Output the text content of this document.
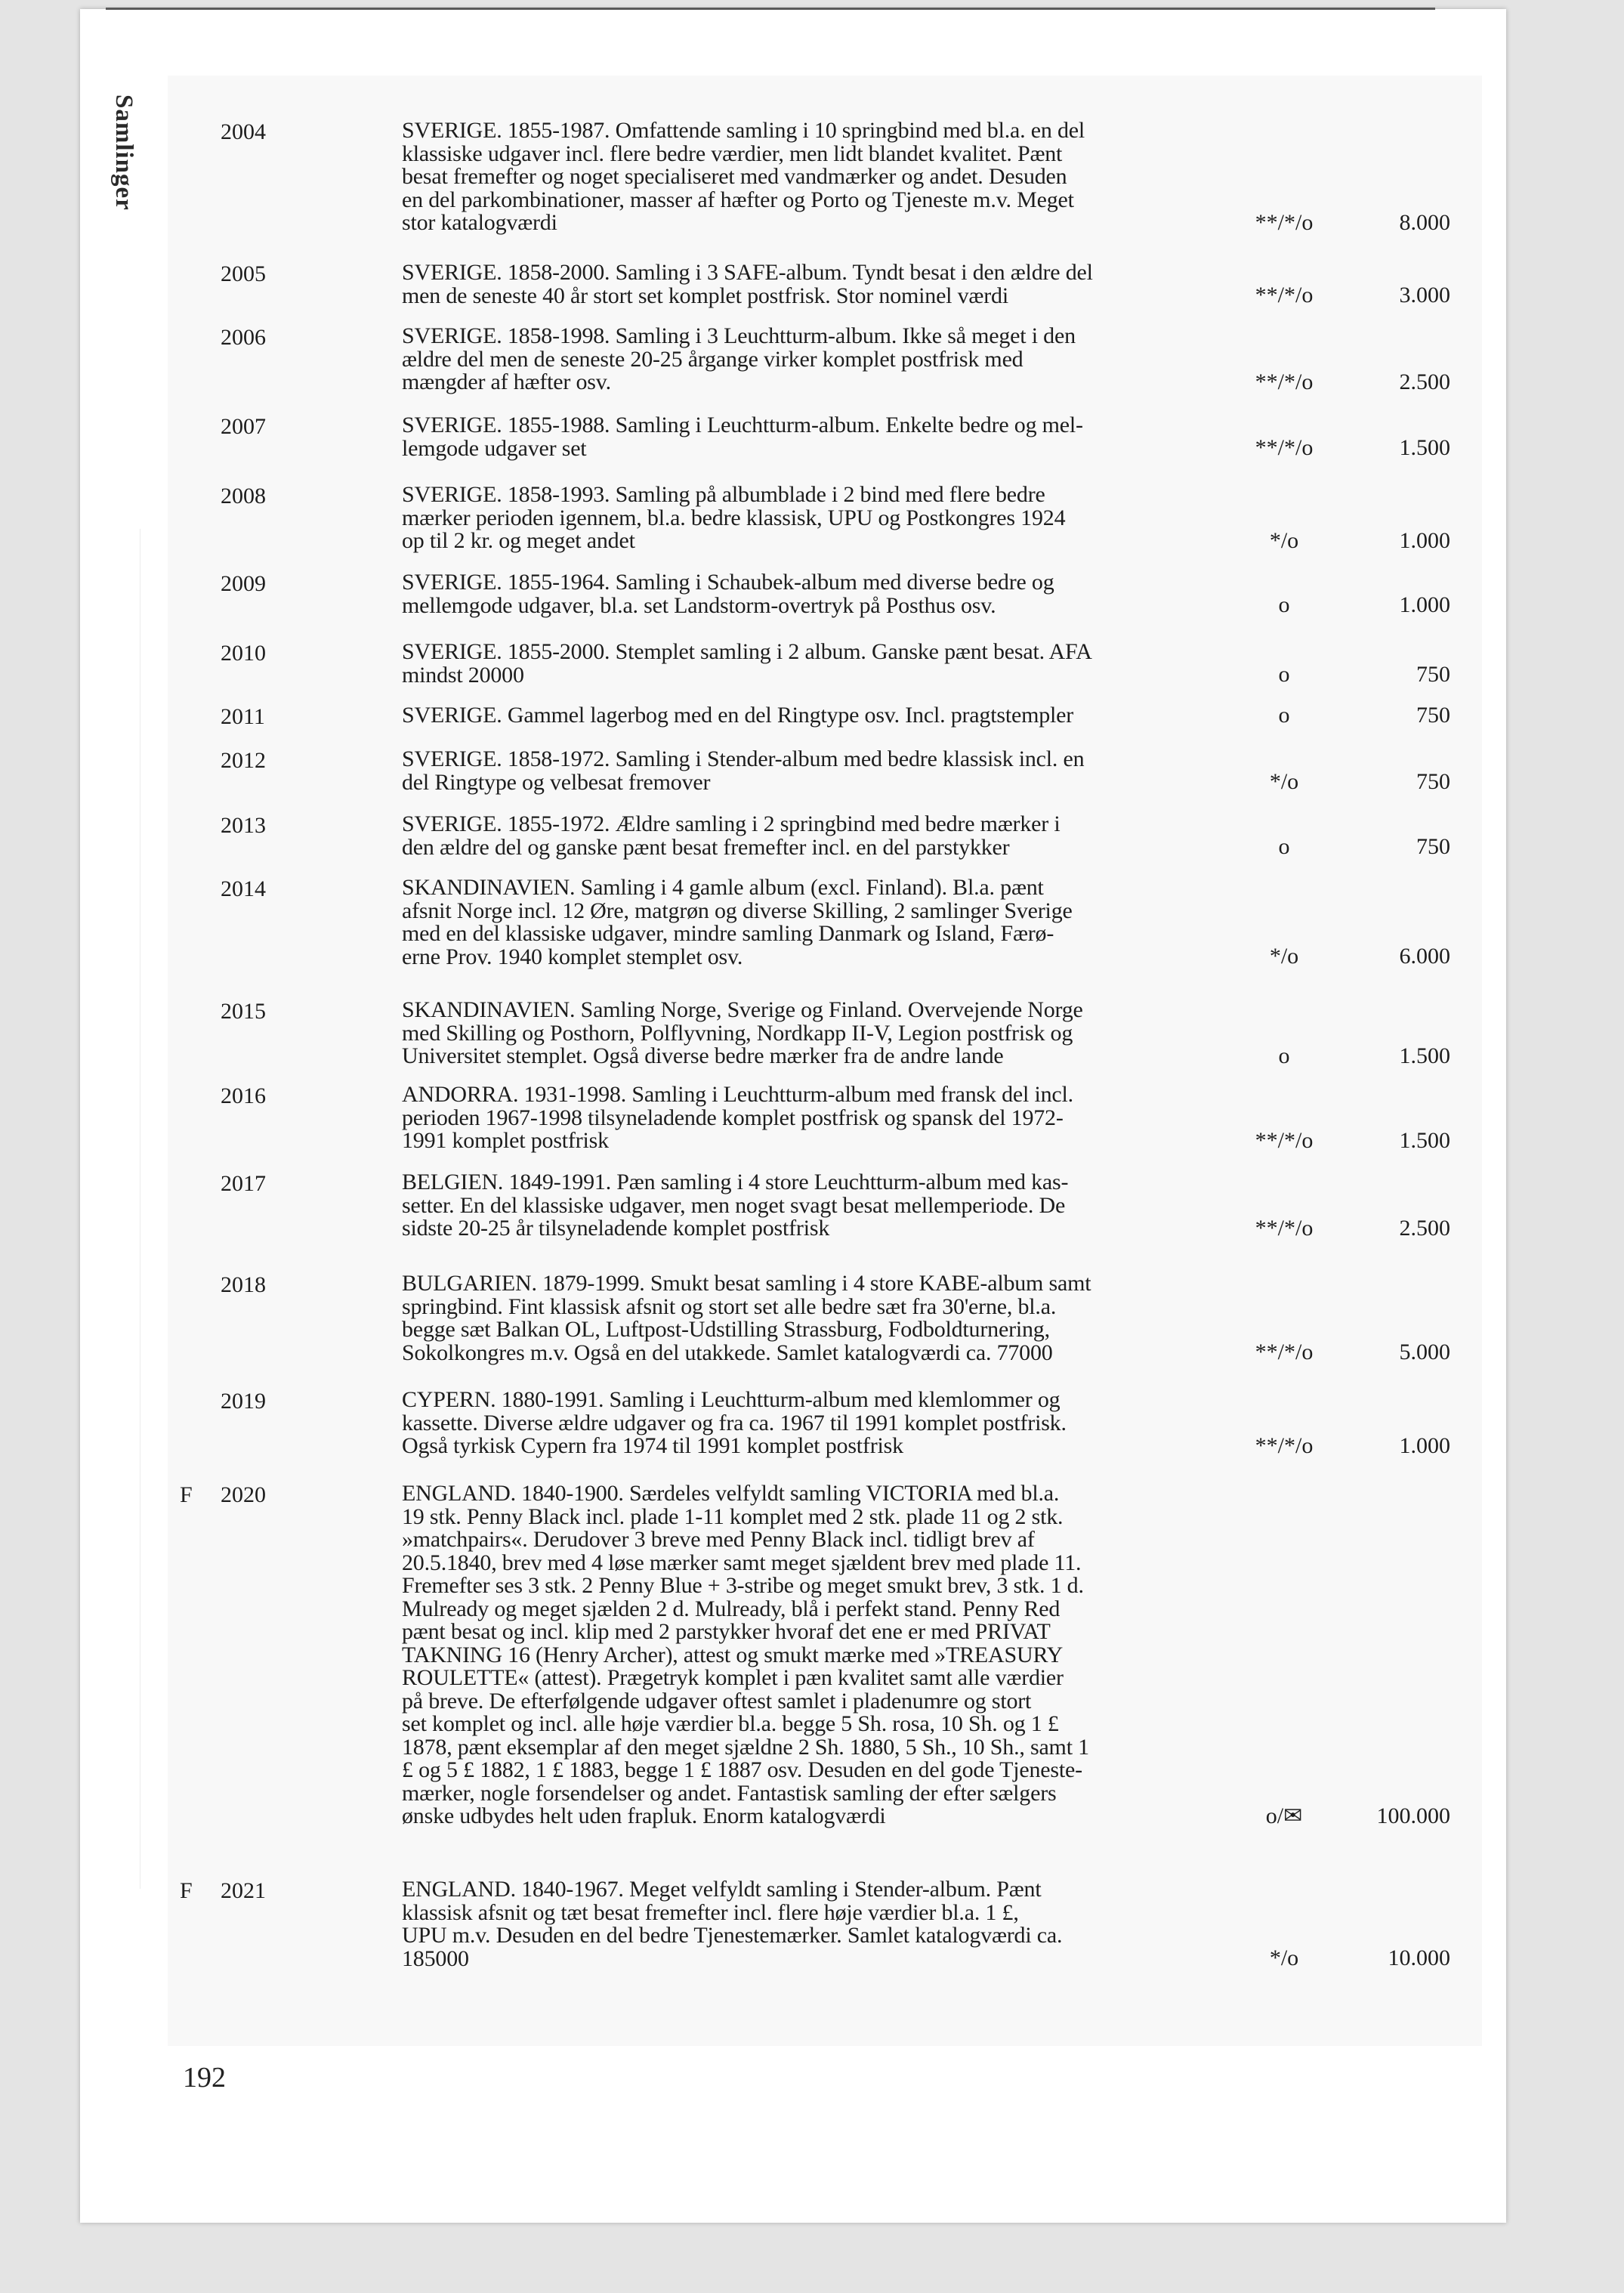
Samlinger	2004	SVERIGE. 1855-1987. Omfattende samling i 10 springbind med bl.a. en del
klassiske udgaver incl. flere bedre værdier, men lidt blandet kvalitet. Pænt
besat fremefter og noget specialiseret med vandmærker og andet. Desuden
en del parkombinationer, masser af hæfter og Porto og Tjeneste m.v. Meget
stor katalogværdi	**/*/o	8.000
2005	SVERIGE. 1858-2000. Samling i 3 SAFE-album. Tyndt besat i den ældre del
men de seneste 40 år stort set komplet postfrisk. Stor nominel værdi	**/*/o	3.000
2006	SVERIGE. 1858-1998. Samling i 3 Leuchtturm-album. Ikke så meget i den
ældre del men de seneste 20-25 årgange virker komplet postfrisk med
mængder af hæfter osv.	**/*/o	2.500
2007	SVERIGE. 1855-1988. Samling i Leuchtturm-album. Enkelte bedre og mel-
lemgode udgaver set	**/*/o	1.500
2008	SVERIGE. 1858-1993. Samling på albumblade i 2 bind med flere bedre
mærker perioden igennem, bl.a. bedre klassisk, UPU og Postkongres 1924
op til 2 kr. og meget andet	*/o	1.000
2009	SVERIGE. 1855-1964. Samling i Schaubek-album med diverse bedre og
mellemgode udgaver, bl.a. set Landstorm-overtryk på Posthus osv.	o	1.000
2010	SVERIGE. 1855-2000. Stemplet samling i 2 album. Ganske pænt besat. AFA
mindst 20000	o	750
2011	SVERIGE. Gammel lagerbog med en del Ringtype osv. Incl. pragtstempler	o	750
2012	SVERIGE. 1858-1972. Samling i Stender-album med bedre klassisk incl. en
del Ringtype og velbesat fremover	*/o	750
2013	SVERIGE. 1855-1972. Ældre samling i 2 springbind med bedre mærker i
den ældre del og ganske pænt besat fremefter incl. en del parstykker	o	750
2014	SKANDINAVIEN. Samling i 4 gamle album (excl. Finland). Bl.a. pænt
afsnit Norge incl. 12 Øre, matgrøn og diverse Skilling, 2 samlinger Sverige
med en del klassiske udgaver, mindre samling Danmark og Island, Færø-
erne Prov. 1940 komplet stemplet osv.	*/o	6.000
2015	SKANDINAVIEN. Samling Norge, Sverige og Finland. Overvejende Norge
med Skilling og Posthorn, Polflyvning, Nordkapp II-V, Legion postfrisk og
Universitet stemplet. Også diverse bedre mærker fra de andre lande	o	1.500
2016	ANDORRA. 1931-1998. Samling i Leuchtturm-album med fransk del incl.
perioden 1967-1998 tilsyneladende komplet postfrisk og spansk del 1972-
1991 komplet postfrisk	**/*/o	1.500
2017	BELGIEN. 1849-1991. Pæn samling i 4 store Leuchtturm-album med kas-
setter. En del klassiske udgaver, men noget svagt besat mellemperiode. De
sidste 20-25 år tilsyneladende komplet postfrisk	**/*/o	2.500
2018	BULGARIEN. 1879-1999. Smukt besat samling i 4 store KABE-album samt
springbind. Fint klassisk afsnit og stort set alle bedre sæt fra 30'erne, bl.a.
begge sæt Balkan OL, Luftpost-Udstilling Strassburg, Fodboldturnering,
Sokolkongres m.v. Også en del utakkede. Samlet katalogværdi ca. 77000	**/*/o	5.000
2019	CYPERN. 1880-1991. Samling i Leuchtturm-album med klemlommer og
kassette. Diverse ældre udgaver og fra ca. 1967 til 1991 komplet postfrisk.
Også tyrkisk Cypern fra 1974 til 1991 komplet postfrisk	**/*/o	1.000
F 2020	ENGLAND. 1840-1900. Særdeles velfyldt samling VICTORIA med bl.a.
19 stk. Penny Black incl. plade 1-11 komplet med 2 stk. plade 11 og 2 stk.
»matchpairs«. Derudover 3 breve med Penny Black incl. tidligt brev af
20.5.1840, brev med 4 løse mærker samt meget sjældent brev med plade 11.
Fremefter ses 3 stk. 2 Penny Blue + 3-stribe og meget smukt brev, 3 stk. 1 d.
Mulready og meget sjælden 2 d. Mulready, blå i perfekt stand. Penny Red
pænt besat og incl. klip med 2 parstykker hvoraf det ene er med PRIVAT
TAKNING 16 (Henry Archer), attest og smukt mærke med »TREASURY
ROULETTE« (attest). Prægetryk komplet i pæn kvalitet samt alle værdier
på breve. De efterfølgende udgaver oftest samlet i pladenumre og stort
set komplet og incl. alle høje værdier bl.a. begge 5 Sh. rosa, 10 Sh. og 1 £
1878, pænt eksemplar af den meget sjældne 2 Sh. 1880, 5 Sh., 10 Sh., samt 1
£ og 5 £ 1882, 1 £ 1883, begge 1 £ 1887 osv. Desuden en del gode Tjeneste-
mærker, nogle forsendelser og andet. Fantastisk samling der efter sælgers
ønske udbydes helt uden frapluk. Enorm katalogværdi	o/✉	100.000
F 2021	ENGLAND. 1840-1967. Meget velfyldt samling i Stender-album. Pænt
klassisk afsnit og tæt besat fremefter incl. flere høje værdier bl.a. 1 £,
UPU m.v. Desuden en del bedre Tjenestemærker. Samlet katalogværdi ca.
185000	*/o	10.000
192
